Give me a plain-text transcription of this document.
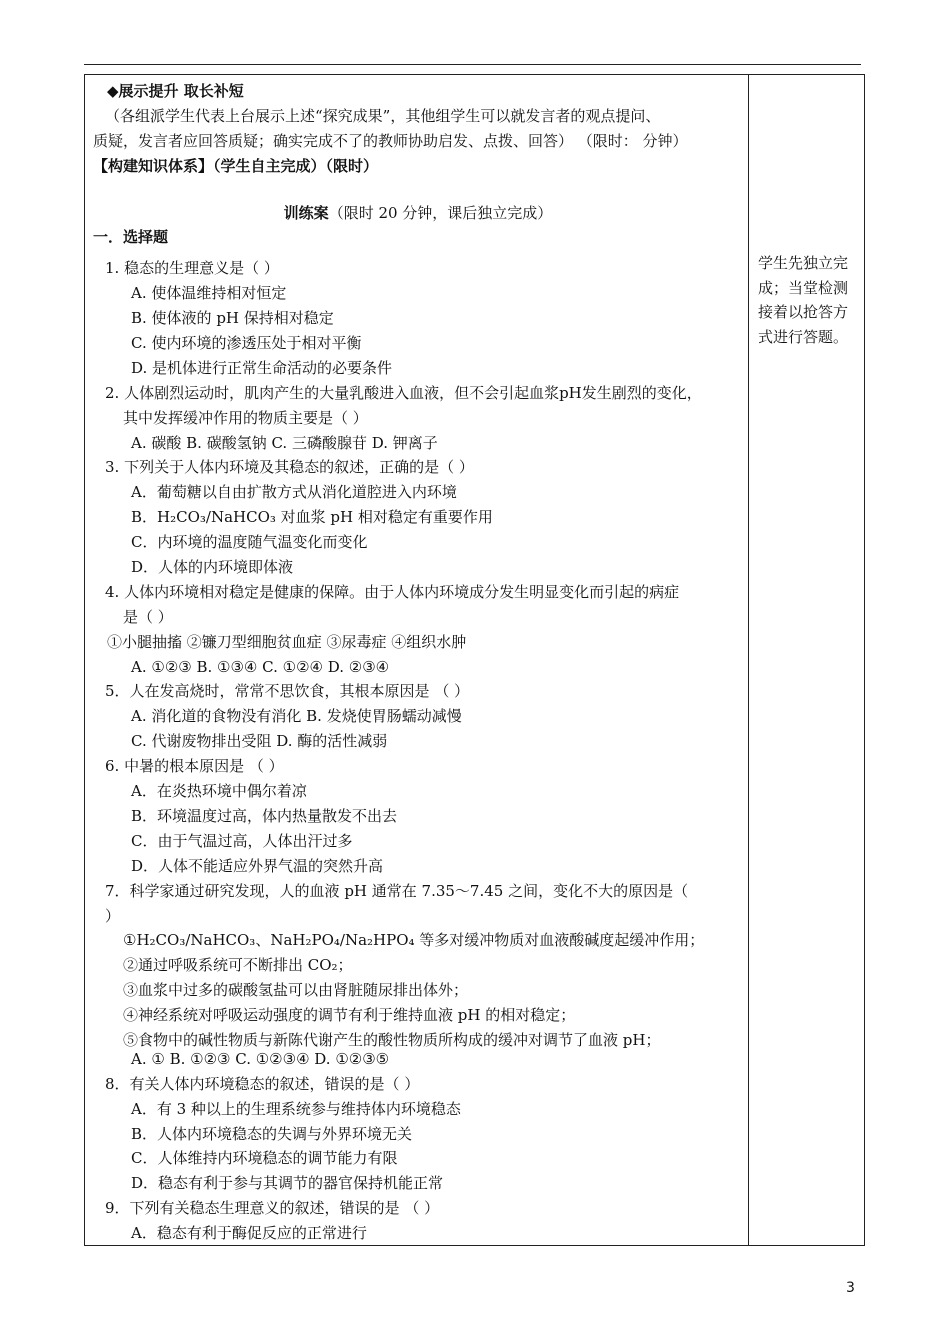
◆展示提升 取长补短
（各组派学生代表上台展示上述“探究成果”，其他组学生可以就发言者的观点提问、
质疑，发言者应回答质疑；确实完成不了的教师协助启发、点拨、回答） （限时： 分钟）
【构建知识体系】（学生自主完成）（限时）
训练案（限时 20 分钟，课后独立完成）
一．选择题
1. 稳态的生理意义是（ ）
A. 使体温维持相对恒定
B. 使体液的 pH 保持相对稳定
C. 使内环境的渗透压处于相对平衡
D. 是机体进行正常生命活动的必要条件
2. 人体剧烈运动时，肌肉产生的大量乳酸进入血液，但不会引起血浆pH发生剧烈的变化，
其中发挥缓冲作用的物质主要是（ ）
A. 碳酸 B. 碳酸氢钠 C. 三磷酸腺苷 D. 钾离子
3. 下列关于人体内环境及其稳态的叙述，正确的是（ ）
A．葡萄糖以自由扩散方式从消化道腔进入内环境
B．H₂CO₃/NaHCO₃ 对血浆 pH 相对稳定有重要作用
C．内环境的温度随气温变化而变化
D．人体的内环境即体液
4. 人体内环境相对稳定是健康的保障。由于人体内环境成分发生明显变化而引起的病症
是（ ）
①小腿抽搐 ②镰刀型细胞贫血症 ③尿毒症 ④组织水肿
A. ①②③ B. ①③④ C. ①②④ D. ②③④
5．人在发高烧时，常常不思饮食，其根本原因是 （ ）
A. 消化道的食物没有消化 B. 发烧使胃肠蠕动减慢
C. 代谢废物排出受阻 D. 酶的活性减弱
6. 中暑的根本原因是 （ ）
A．在炎热环境中偶尔着凉
B．环境温度过高，体内热量散发不出去
C．由于气温过高，人体出汗过多
D．人体不能适应外界气温的突然升高
7．科学家通过研究发现，人的血液 pH 通常在 7.35～7.45 之间，变化不大的原因是（
）
①H₂CO₃/NaHCO₃、NaH₂PO₄/Na₂HPO₄ 等多对缓冲物质对血液酸碱度起缓冲作用；
②通过呼吸系统可不断排出 CO₂；
③血浆中过多的碳酸氢盐可以由肾脏随尿排出体外；
④神经系统对呼吸运动强度的调节有利于维持血液 pH 的相对稳定；
⑤食物中的碱性物质与新陈代谢产生的酸性物质所构成的缓冲对调节了血液 pH；
A. ① B. ①②③ C. ①②③④ D. ①②③⑤
8．有关人体内环境稳态的叙述，错误的是（ ）
A．有 3 种以上的生理系统参与维持体内环境稳态
B．人体内环境稳态的失调与外界环境无关
C．人体维持内环境稳态的调节能力有限
D．稳态有利于参与其调节的器官保持机能正常
9．下列有关稳态生理意义的叙述，错误的是 （ ）
A．稳态有利于酶促反应的正常进行
学生先独立完
成；当堂检测
接着以抢答方
式进行答题。
3
